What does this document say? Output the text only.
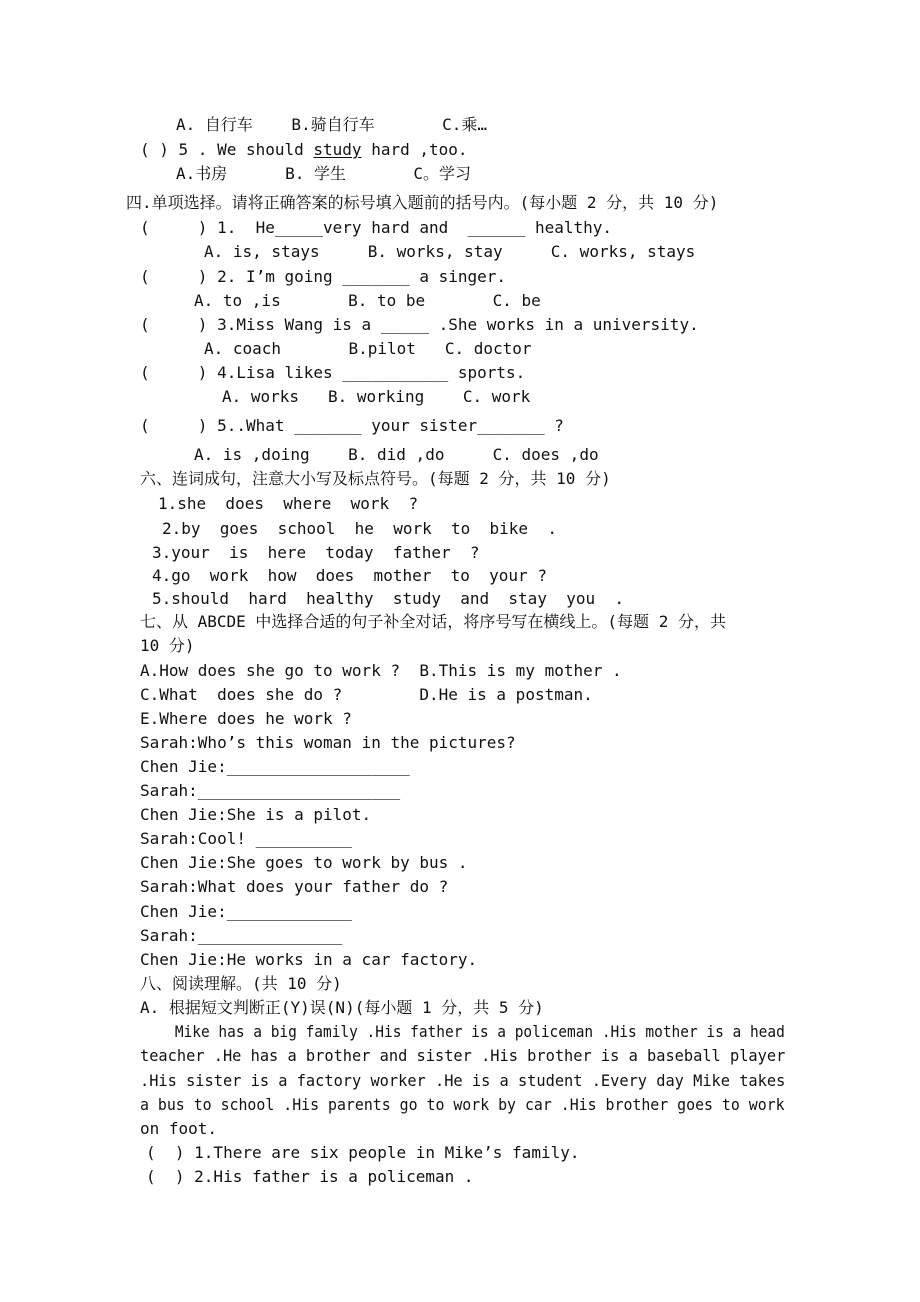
A. 自行车    B.骑自行车       C.乘…
( ) 5 . We should study hard ,too.
A.书房      B. 学生       C。学习
四.单项选择。请将正确答案的标号填入题前的括号内。(每小题 2 分，共 10 分)
(     ) 1.  He_____very hard and  ______ healthy.
A. is, stays     B. works, stay     C. works, stays
(     ) 2. I’m going _______ a singer.
A. to ,is       B. to be       C. be
(     ) 3.Miss Wang is a _____ .She works in a university.
A. coach       B.pilot   C. doctor
(     ) 4.Lisa likes ___________ sports.
A. works   B. working    C. work
(     ) 5..What _______ your sister_______ ?
A. is ,doing    B. did ,do     C. does ,do
六、连词成句，注意大小写及标点符号。(每题 2 分，共 10 分)
1.she  does  where  work  ?
2.by  goes  school  he  work  to  bike  .
3.your  is  here  today  father  ?
4.go  work  how  does  mother  to  your ?
5.should  hard  healthy  study  and  stay  you  .
七、从 ABCDE 中选择合适的句子补全对话，将序号写在横线上。(每题 2 分，共
10 分)
A.How does she go to work ?  B.This is my mother .
C.What  does she do ?        D.He is a postman.
E.Where does he work ?
Sarah:Who’s this woman in the pictures?
Chen Jie:___________________
Sarah:_____________________
Chen Jie:She is a pilot.
Sarah:Cool! __________
Chen Jie:She goes to work by bus .
Sarah:What does your father do ?
Chen Jie:_____________
Sarah:_______________
Chen Jie:He works in a car factory.
八、阅读理解。(共 10 分)
A. 根据短文判断正(Y)误(N)(每小题 1 分，共 5 分)
Mike has a big family .His father is a policeman .His mother is a head
teacher .He has a brother and sister .His brother is a baseball player
.His sister is a factory worker .He is a student .Every day Mike takes
a bus to school .His parents go to work by car .His brother goes to work
on foot.
(  ) 1.There are six people in Mike’s family.
(  ) 2.His father is a policeman .
